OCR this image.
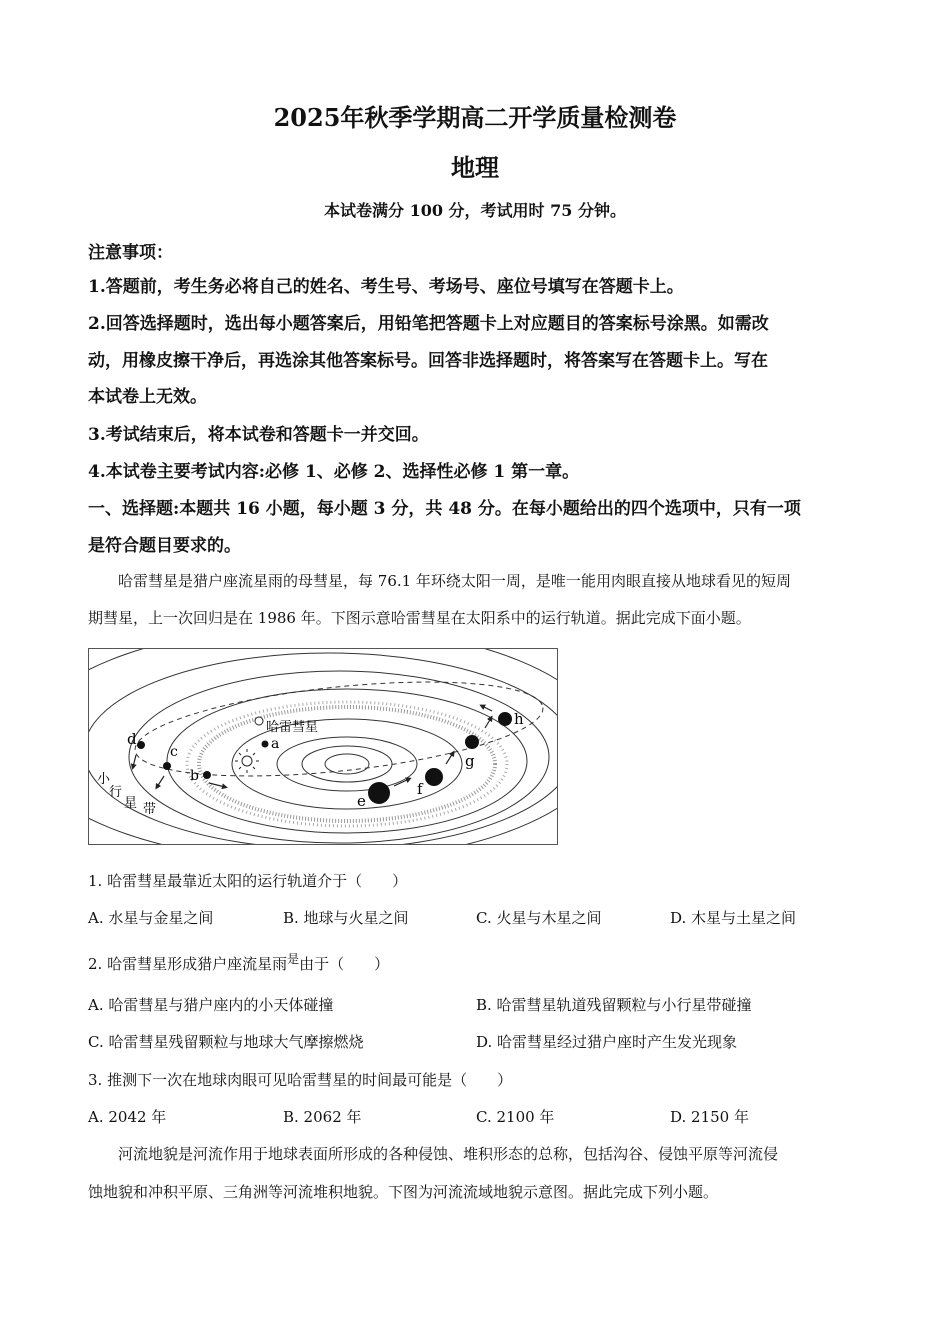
2025年秋季学期高二开学质量检测卷
地理
本试卷满分 100 分，考试用时 75 分钟。
注意事项：
1.答题前，考生务必将自己的姓名、考生号、考场号、座位号填写在答题卡上。
2.回答选择题时，选出每小题答案后，用铅笔把答题卡上对应题目的答案标号涂黑。如需改
动，用橡皮擦干净后，再选涂其他答案标号。回答非选择题时，将答案写在答题卡上。写在
本试卷上无效。
3.考试结束后，将本试卷和答题卡一并交回。
4.本试卷主要考试内容:必修 1、必修 2、选择性必修 1 第一章。
一、选择题:本题共 16 小题，每小题 3 分，共 48 分。在每小题给出的四个选项中，只有一项
是符合题目要求的。
哈雷彗星是猎户座流星雨的母彗星，每 76.1 年环绕太阳一周，是唯一能用肉眼直接从地球看见的短周
期彗星，上一次回归是在 1986 年。下图示意哈雷彗星在太阳系中的运行轨道。据此完成下面小题。
哈雷彗星
a
b
c
d
e
f
g
h
小
行
星 带
1. 哈雷彗星最靠近太阳的运行轨道介于（　　）
A. 水星与金星之间	B. 地球与火星之间	C. 火星与木星之间	D. 木星与土星之间
2. 哈雷彗星形成猎户座流星雨$^是$由于（　　）
A. 哈雷彗星与猎户座内的小天体碰撞	B. 哈雷彗星轨道残留颗粒与小行星带碰撞
C. 哈雷彗星残留颗粒与地球大气摩擦燃烧	D. 哈雷彗星经过猎户座时产生发光现象
3. 推测下一次在地球肉眼可见哈雷彗星的时间最可能是（　　）
A. 2042 年	B. 2062 年	C. 2100 年	D. 2150 年
河流地貌是河流作用于地球表面所形成的各种侵蚀、堆积形态的总称，包括沟谷、侵蚀平原等河流侵
蚀地貌和冲积平原、三角洲等河流堆积地貌。下图为河流流域地貌示意图。据此完成下列小题。
